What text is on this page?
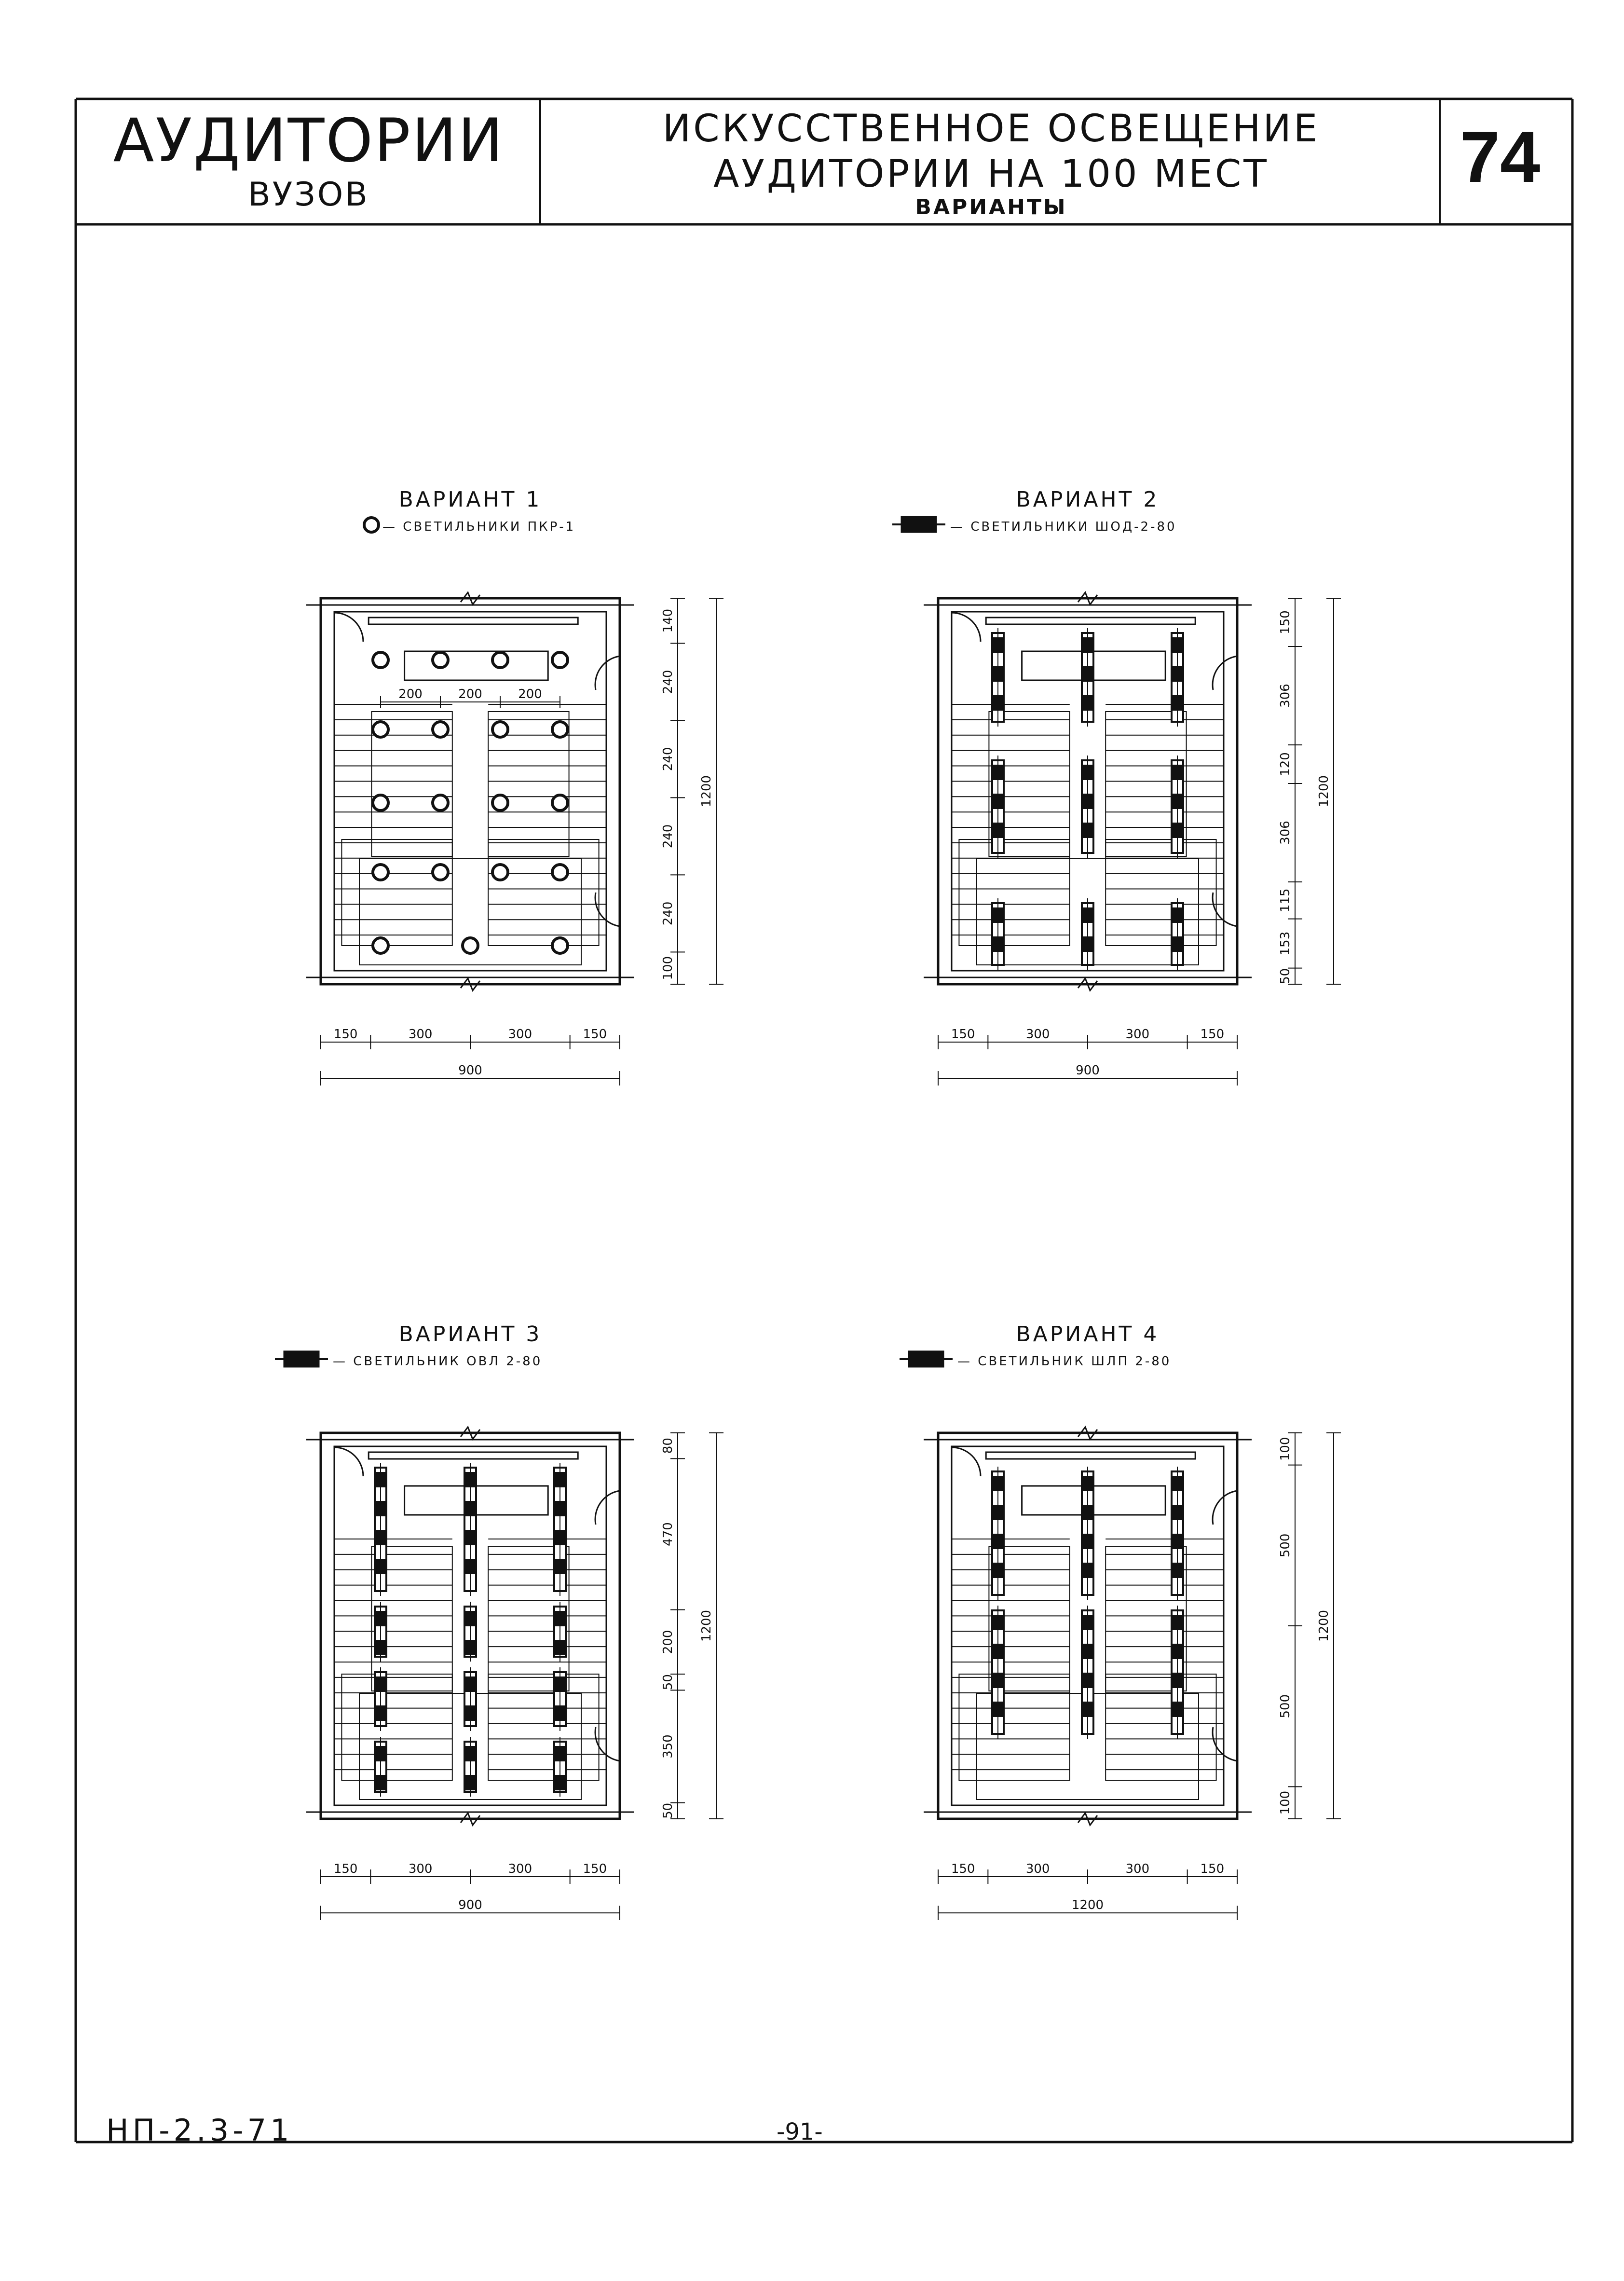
ВАРИАНТ 1
— СВЕТИЛЬНИКИ ПКР-1
140
240
240
240
240
100
1200
200	200	200
150	300	300	150
900
ВАРИАНТ 2
— СВЕТИЛЬНИКИ ШОД-2-80
150
306
120
306
115
153
50
1200
150	300	300	150
900
ВАРИАНТ 3
— СВЕТИЛЬНИК ОВЛ 2-80
80
470
200
50
350
50
1200
150	300	300	150
900
ВАРИАНТ 4
— СВЕТИЛЬНИК ШЛП 2-80
100
500
500
100
1200
150	300	300	150
1200
АУДИТОРИИ
ВУЗОВ
ИСКУССТВЕННОЕ ОСВЕЩЕНИЕ
АУДИТОРИИ НА 100 МЕСТ
ВАРИАНТЫ
74
НП-2.3-71	-91-
